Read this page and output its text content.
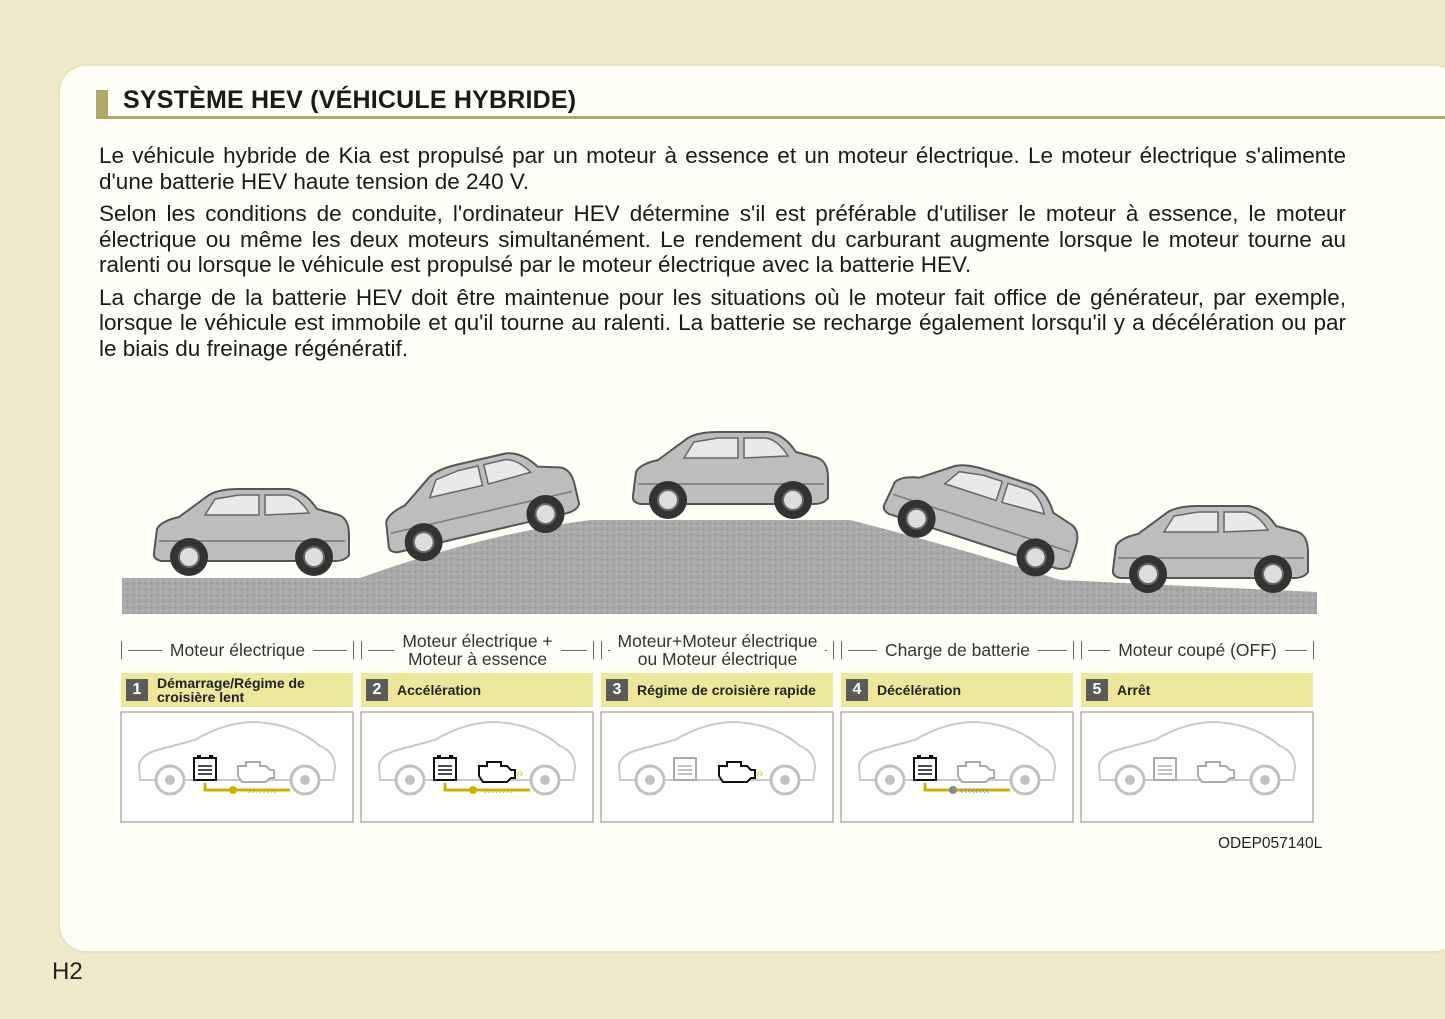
SYSTÈME HEV (VÉHICULE HYBRIDE)

Le véhicule hybride de Kia est propulsé par un moteur à essence et un moteur électrique. Le moteur électrique s'alimente d'une batterie HEV haute tension de 240 V.

Selon les conditions de conduite, l'ordinateur HEV détermine s'il est préférable d'utiliser le moteur à essence, le moteur électrique ou même les deux moteurs simultanément. Le rendement du carburant augmente lorsque le moteur tourne au ralenti ou lorsque le véhicule est propulsé par le moteur électrique avec la batterie HEV.

La charge de la batterie HEV doit être maintenue pour les situations où le moteur fait office de générateur, par exemple, lorsque le véhicule est immobile et qu'il tourne au ralenti. La batterie se recharge également lorsqu'il y a décélération ou par le biais du freinage régénératif.

Moteur électrique	Moteur électrique +
Moteur à essence
Moteur+Moteur électrique
ou Moteur électrique	Charge de batterie	Moteur coupé (OFF)
1	Démarrage/Régime de croisière lent	2	Accélération	3	Régime de croisière rapide	4	Décélération	5	Arrêt
››››››››	››››››››
››	››
‹‹‹‹‹‹‹‹
ODEP057140L
H2
